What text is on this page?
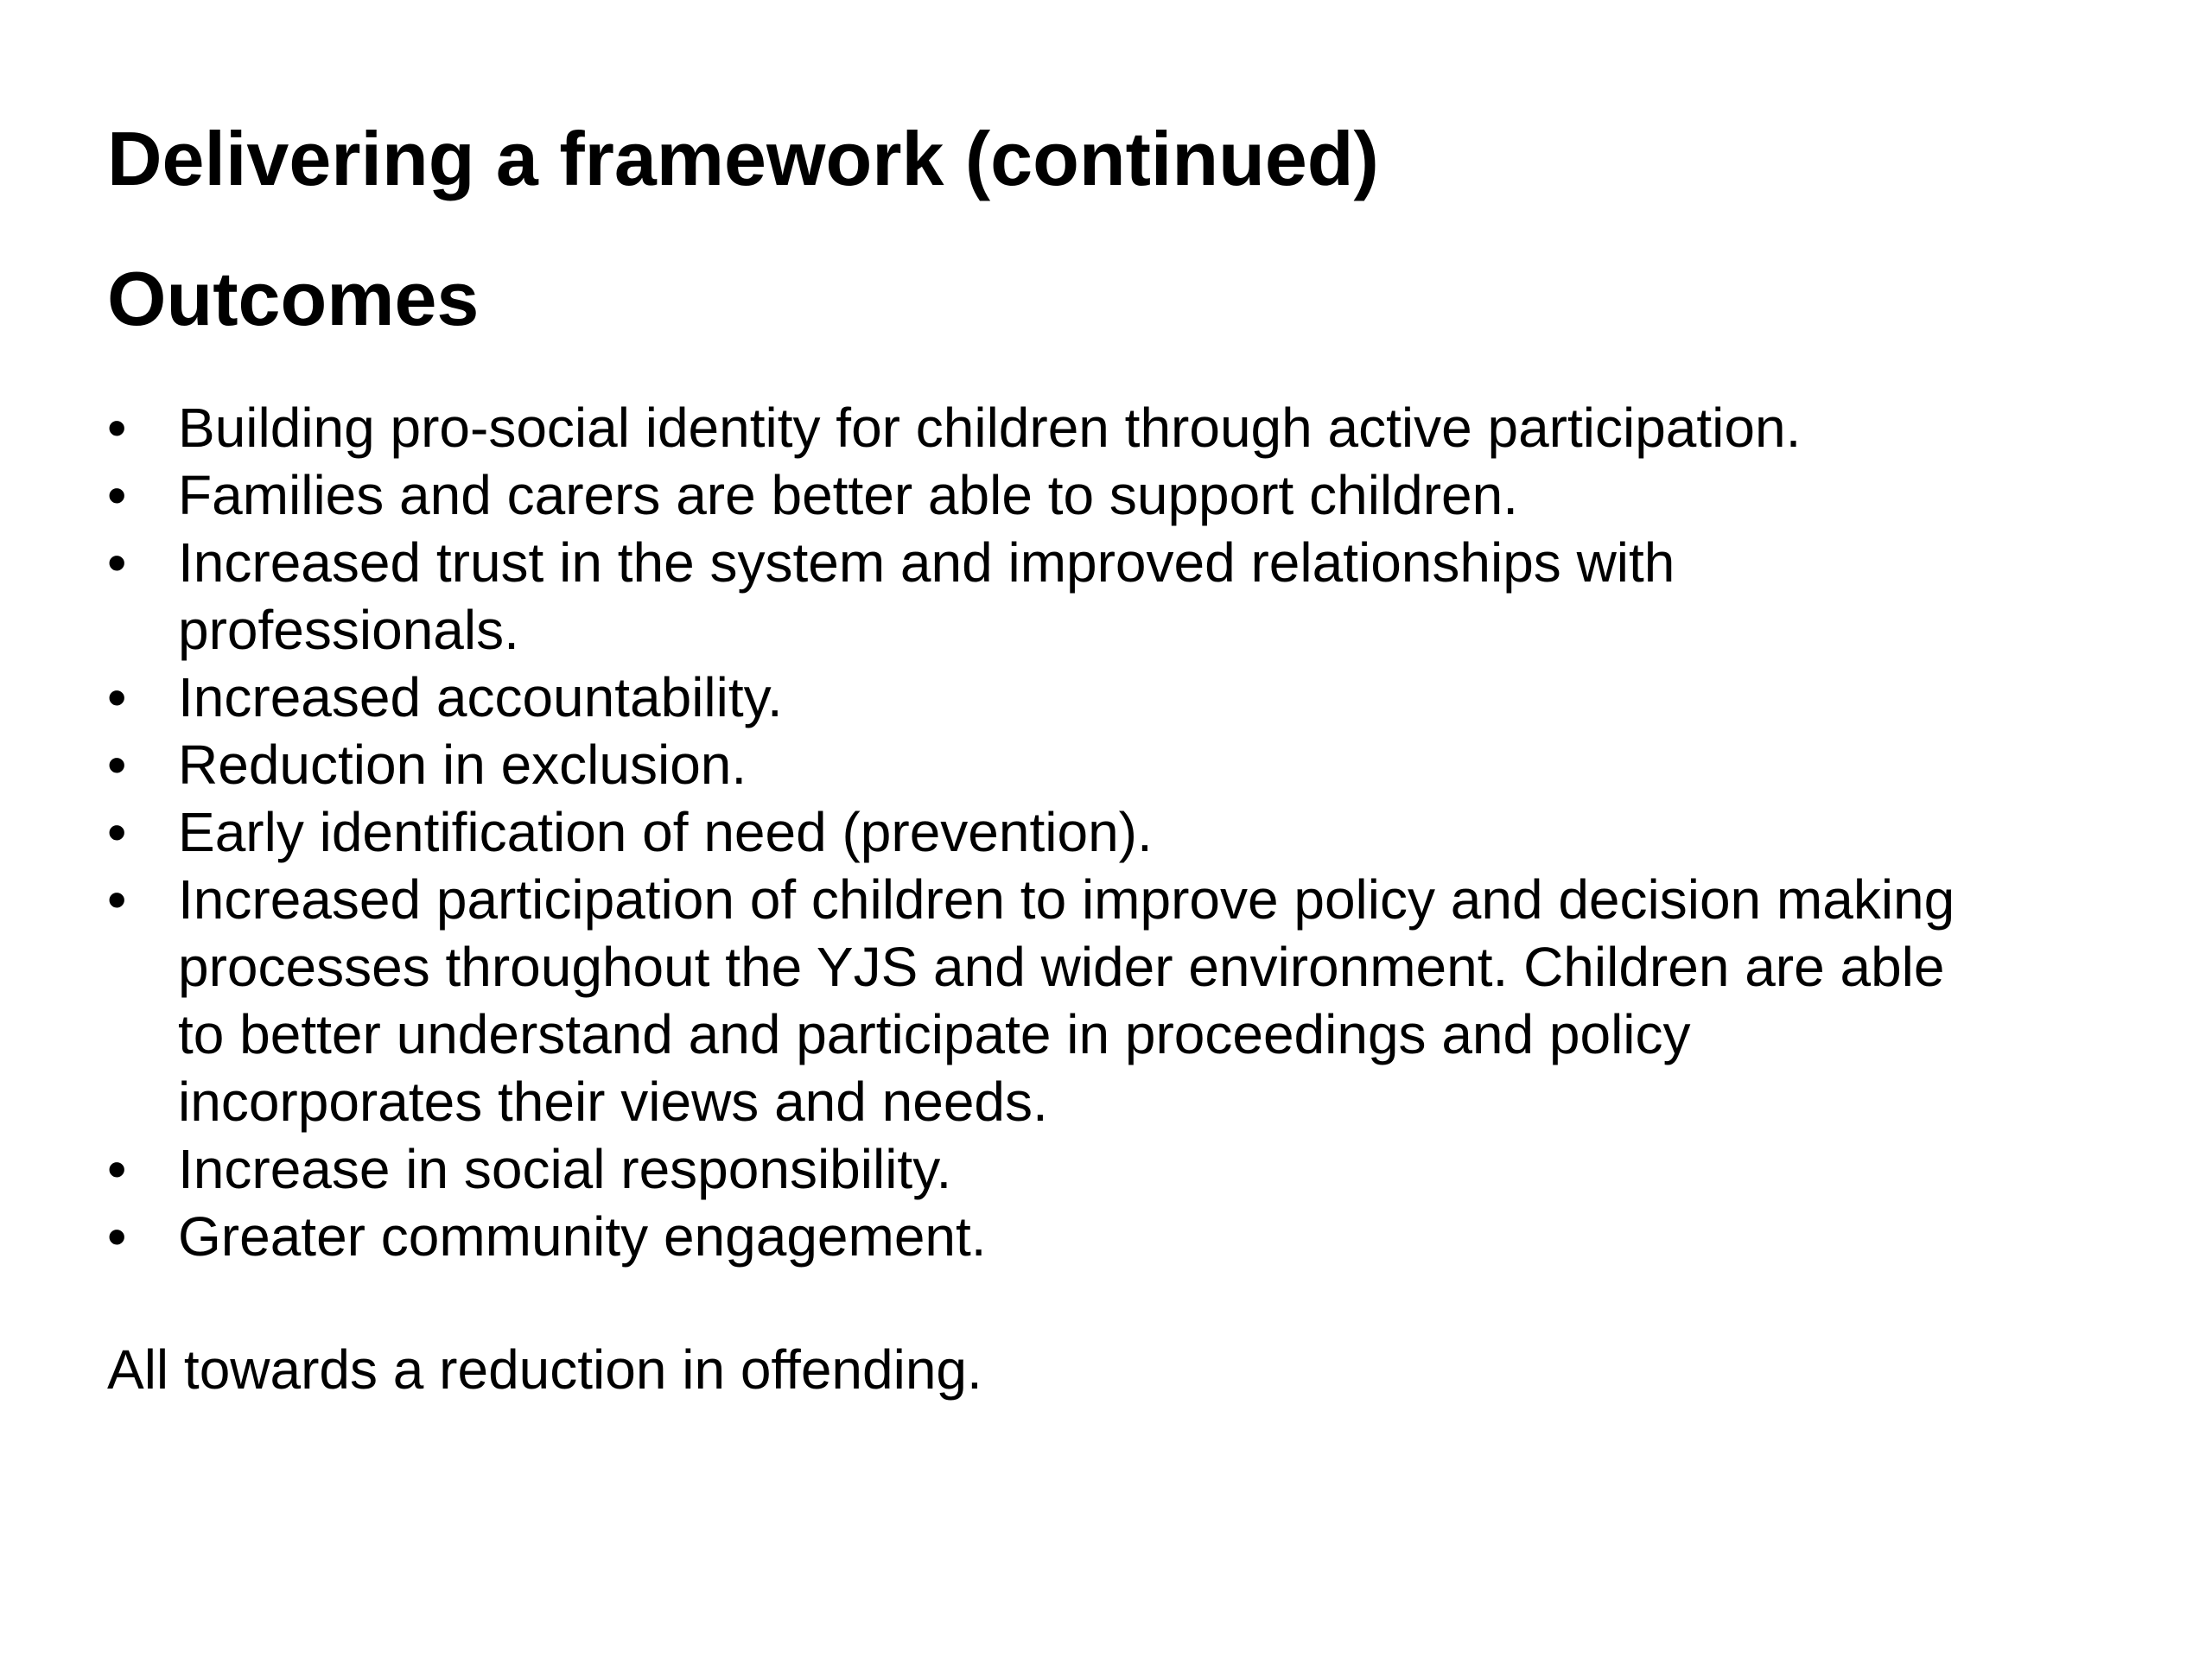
Delivering a framework (continued)
Outcomes
• Building pro-social identity for children through active participation.
• Families and carers are better able to support children.
• Increased trust in the system and improved relationships with professionals.
• Increased accountability.
• Reduction in exclusion.
• Early identification of need (prevention).
• Increased participation of children to improve policy and decision making processes throughout the YJS and wider environment. Children are able to better understand and participate in proceedings and policy incorporates their views and needs.
• Increase in social responsibility.
• Greater community engagement.

All towards a reduction in offending.
